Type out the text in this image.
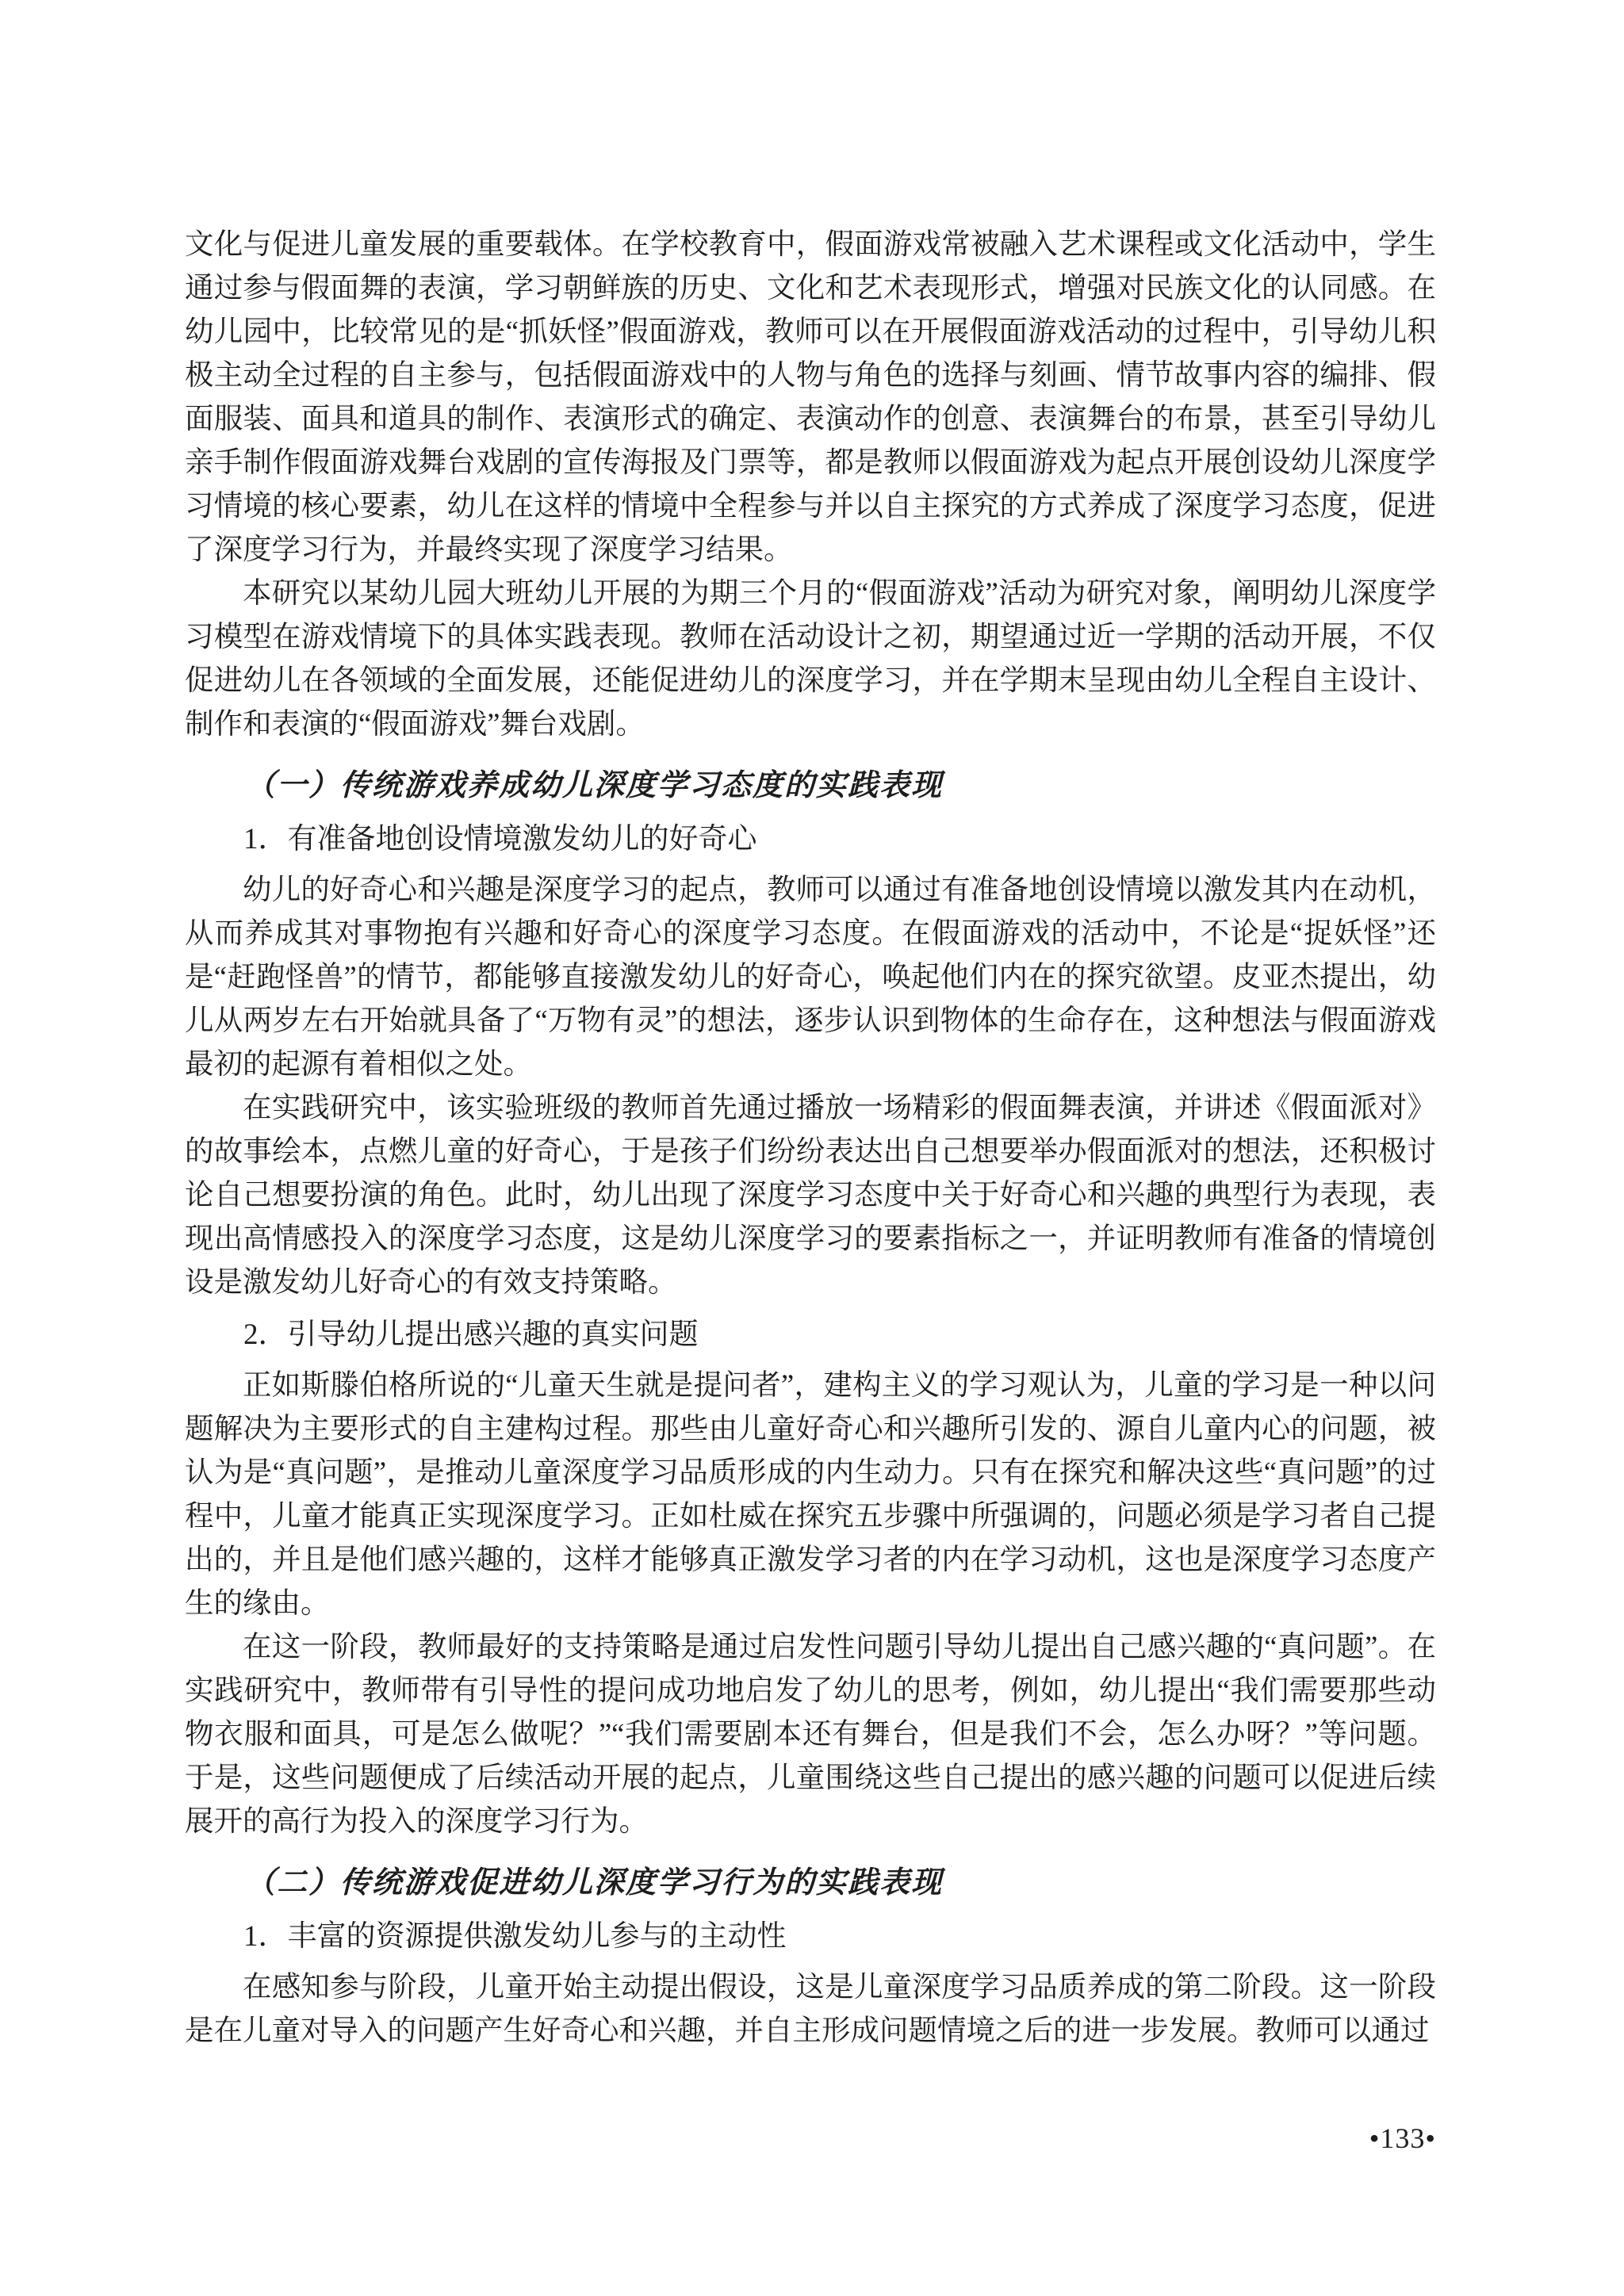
文化与促进儿童发展的重要载体。在学校教育中，假面游戏常被融入艺术课程或文化活动中，学生通过参与假面舞的表演，学习朝鲜族的历史、文化和艺术表现形式，增强对民族文化的认同感。在幼儿园中，比较常见的是“抓妖怪”假面游戏，教师可以在开展假面游戏活动的过程中，引导幼儿积极主动全过程的自主参与，包括假面游戏中的人物与角色的选择与刻画、情节故事内容的编排、假面服装、面具和道具的制作、表演形式的确定、表演动作的创意、表演舞台的布景，甚至引导幼儿亲手制作假面游戏舞台戏剧的宣传海报及门票等，都是教师以假面游戏为起点开展创设幼儿深度学习情境的核心要素，幼儿在这样的情境中全程参与并以自主探究的方式养成了深度学习态度，促进了深度学习行为，并最终实现了深度学习结果。

本研究以某幼儿园大班幼儿开展的为期三个月的“假面游戏”活动为研究对象，阐明幼儿深度学习模型在游戏情境下的具体实践表现。教师在活动设计之初，期望通过近一学期的活动开展，不仅促进幼儿在各领域的全面发展，还能促进幼儿的深度学习，并在学期末呈现由幼儿全程自主设计、制作和表演的“假面游戏”舞台戏剧。

（一）传统游戏养成幼儿深度学习态度的实践表现
1．有准备地创设情境激发幼儿的好奇心

幼儿的好奇心和兴趣是深度学习的起点，教师可以通过有准备地创设情境以激发其内在动机，从而养成其对事物抱有兴趣和好奇心的深度学习态度。在假面游戏的活动中，不论是“捉妖怪”还是“赶跑怪兽”的情节，都能够直接激发幼儿的好奇心，唤起他们内在的探究欲望。皮亚杰提出，幼儿从两岁左右开始就具备了“万物有灵”的想法，逐步认识到物体的生命存在，这种想法与假面游戏最初的起源有着相似之处。

在实践研究中，该实验班级的教师首先通过播放一场精彩的假面舞表演，并讲述《假面派对》的故事绘本，点燃儿童的好奇心，于是孩子们纷纷表达出自己想要举办假面派对的想法，还积极讨论自己想要扮演的角色。此时，幼儿出现了深度学习态度中关于好奇心和兴趣的典型行为表现，表现出高情感投入的深度学习态度，这是幼儿深度学习的要素指标之一，并证明教师有准备的情境创设是激发幼儿好奇心的有效支持策略。

2．引导幼儿提出感兴趣的真实问题

正如斯滕伯格所说的“儿童天生就是提问者”，建构主义的学习观认为，儿童的学习是一种以问题解决为主要形式的自主建构过程。那些由儿童好奇心和兴趣所引发的、源自儿童内心的问题，被认为是“真问题”，是推动儿童深度学习品质形成的内生动力。只有在探究和解决这些“真问题”的过程中，儿童才能真正实现深度学习。正如杜威在探究五步骤中所强调的，问题必须是学习者自己提出的，并且是他们感兴趣的，这样才能够真正激发学习者的内在学习动机，这也是深度学习态度产生的缘由。

在这一阶段，教师最好的支持策略是通过启发性问题引导幼儿提出自己感兴趣的“真问题”。在实践研究中，教师带有引导性的提问成功地启发了幼儿的思考，例如，幼儿提出“我们需要那些动物衣服和面具，可是怎么做呢？”“我们需要剧本还有舞台，但是我们不会，怎么办呀？”等问题。于是，这些问题便成了后续活动开展的起点，儿童围绕这些自己提出的感兴趣的问题可以促进后续展开的高行为投入的深度学习行为。

（二）传统游戏促进幼儿深度学习行为的实践表现
1．丰富的资源提供激发幼儿参与的主动性

在感知参与阶段，儿童开始主动提出假设，这是儿童深度学习品质养成的第二阶段。这一阶段是在儿童对导入的问题产生好奇心和兴趣，并自主形成问题情境之后的进一步发展。教师可以通过

•133•
